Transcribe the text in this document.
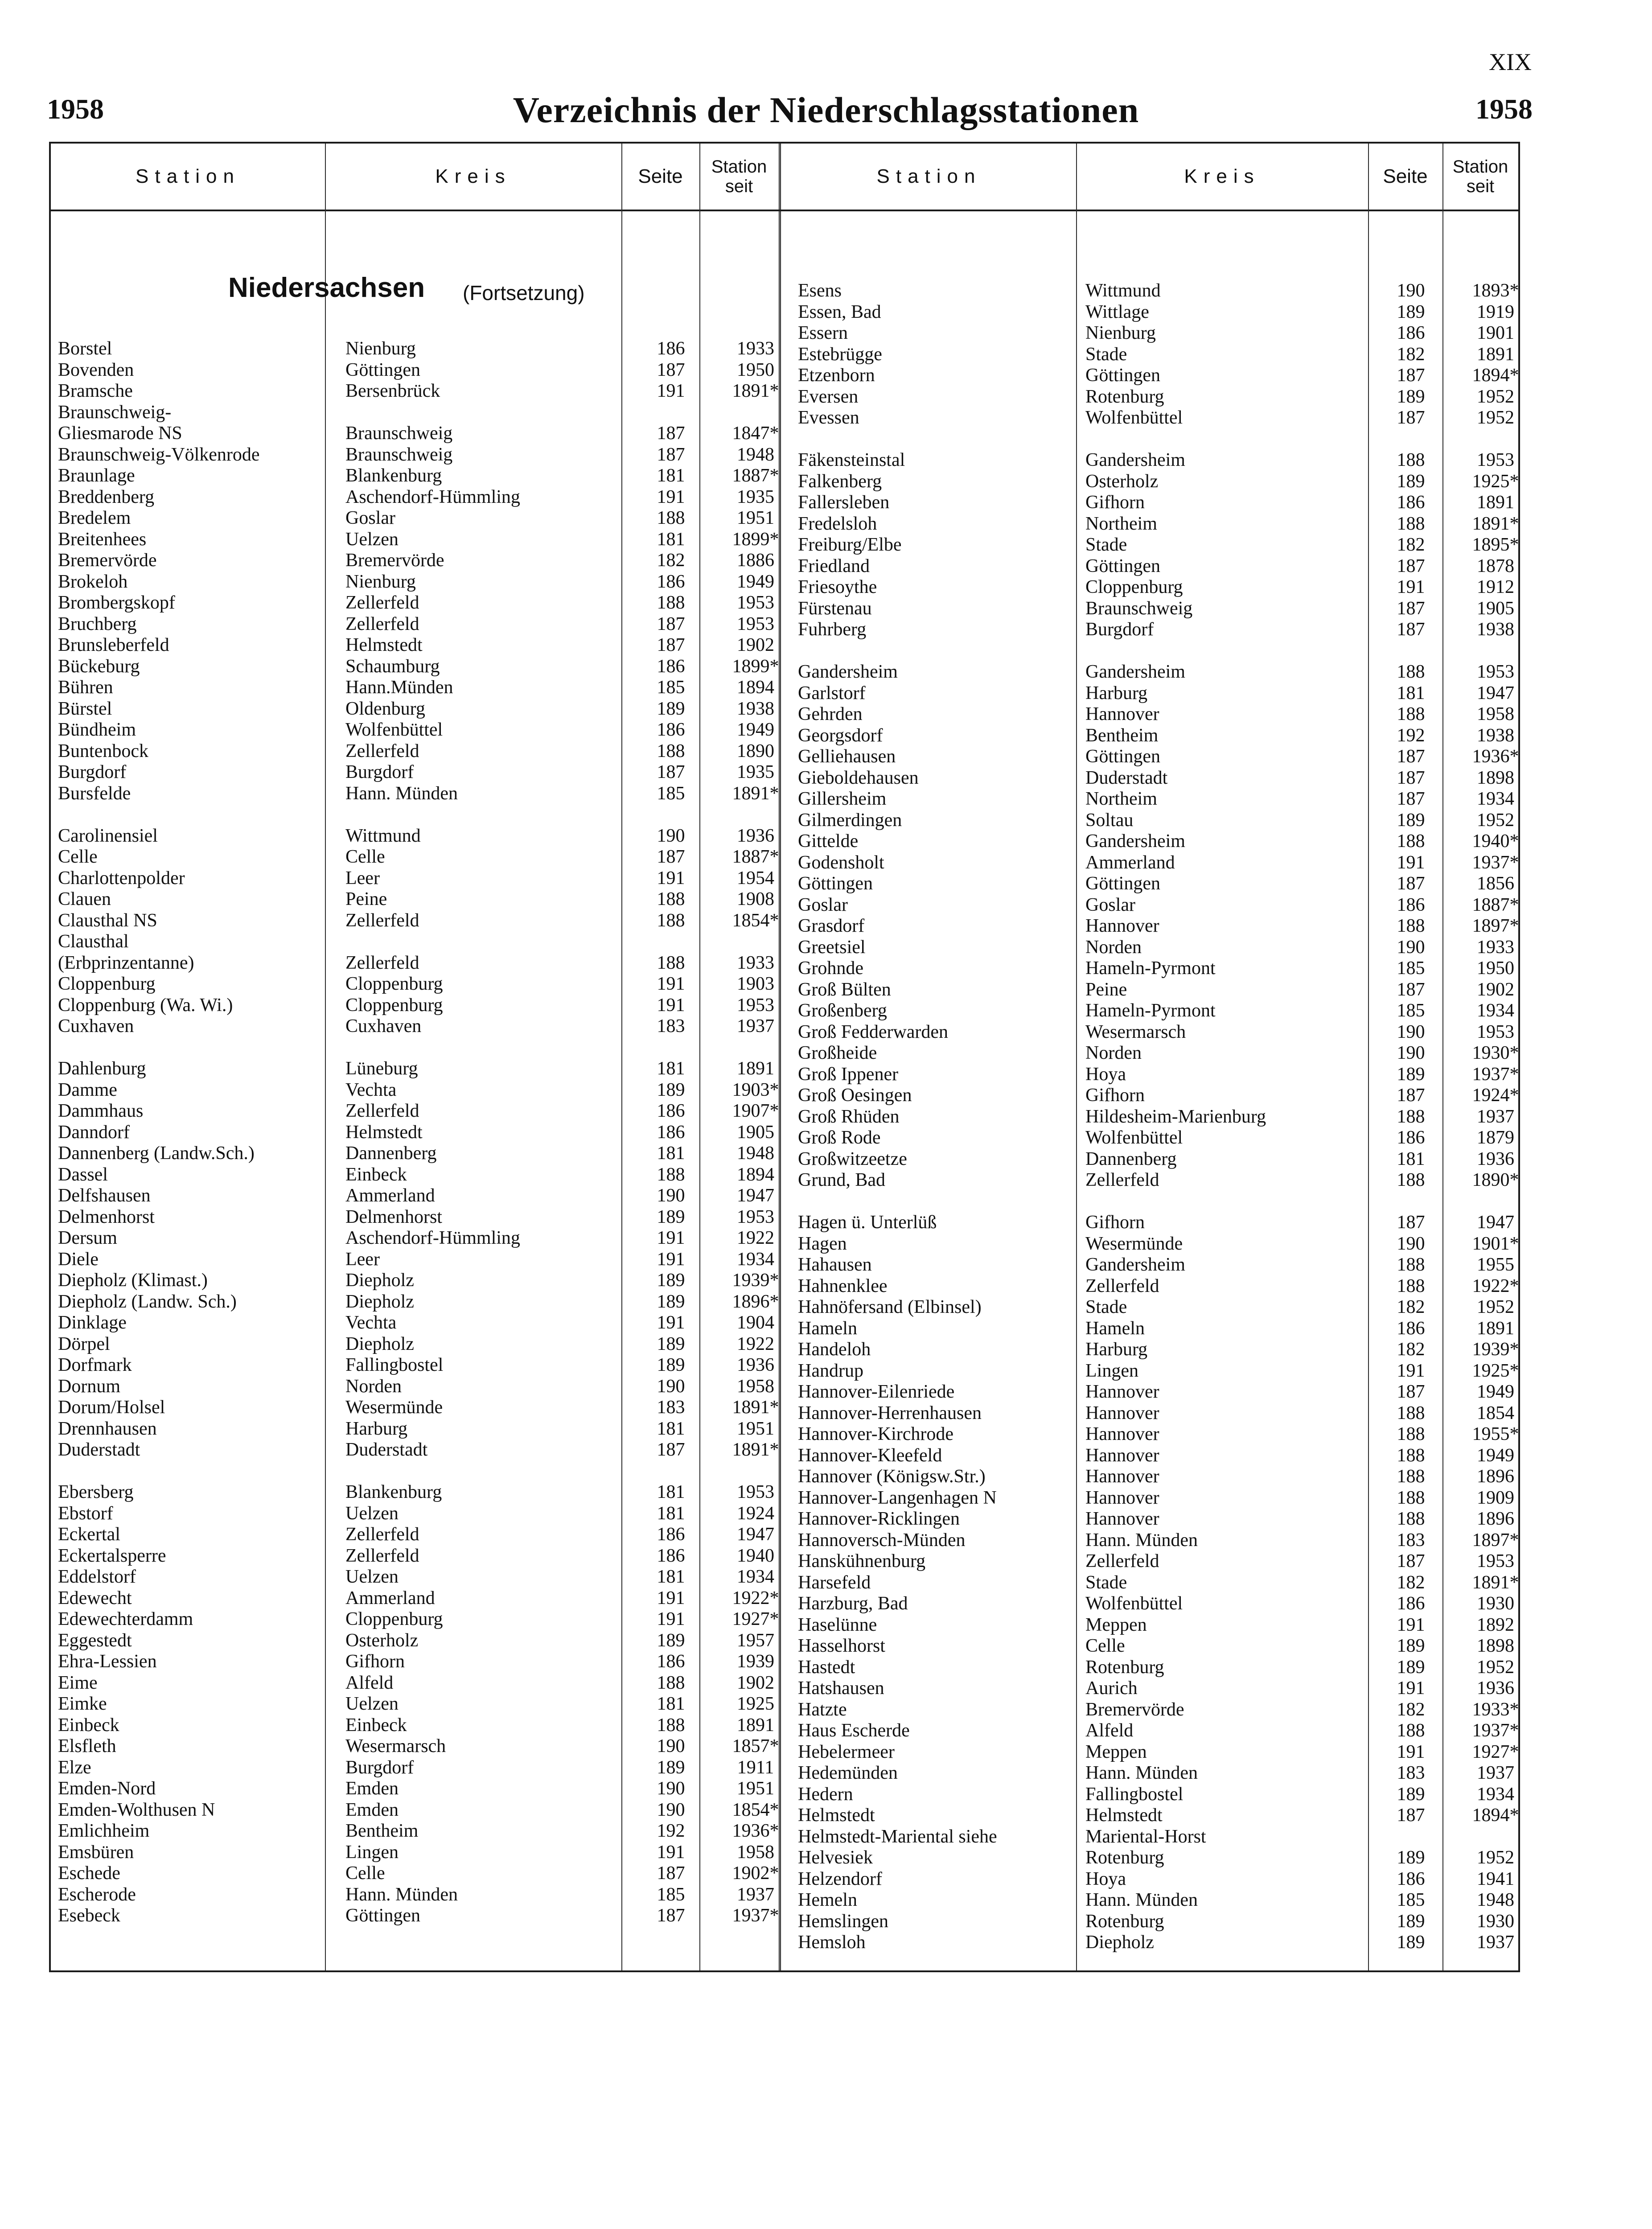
XIX
1958	Verzeichnis der Niederschlagsstationen	1958
Station	Kreis	Seite	Station
seit	Station	Kreis	Seite	Station
seit
Niedersachsen (Fortsetzung)
Borstel	Nienburg	186	1933
Bovenden	Göttingen	187	1950
Bramsche	Bersenbrück	191	1891*
Braunschweig-
Gliesmarode NS	Braunschweig	187	1847*
Braunschweig-Völkenrode	Braunschweig	187	1948
Braunlage	Blankenburg	181	1887*
Breddenberg	Aschendorf-Hümmling	191	1935
Bredelem	Goslar	188	1951
Breitenhees	Uelzen	181	1899*
Bremervörde	Bremervörde	182	1886
Brokeloh	Nienburg	186	1949
Brombergskopf	Zellerfeld	188	1953
Bruchberg	Zellerfeld	187	1953
Brunsleberfeld	Helmstedt	187	1902
Bückeburg	Schaumburg	186	1899*
Bühren	Hann.Münden	185	1894
Bürstel	Oldenburg	189	1938
Bündheim	Wolfenbüttel	186	1949
Buntenbock	Zellerfeld	188	1890
Burgdorf	Burgdorf	187	1935
Bursfelde	Hann. Münden	185	1891*
Carolinensiel	Wittmund	190	1936
Celle	Celle	187	1887*
Charlottenpolder	Leer	191	1954
Clauen	Peine	188	1908
Clausthal NS	Zellerfeld	188	1854*
Clausthal
(Erbprinzentanne)	Zellerfeld	188	1933
Cloppenburg	Cloppenburg	191	1903
Cloppenburg (Wa. Wi.)	Cloppenburg	191	1953
Cuxhaven	Cuxhaven	183	1937
Dahlenburg	Lüneburg	181	1891
Damme	Vechta	189	1903*
Dammhaus	Zellerfeld	186	1907*
Danndorf	Helmstedt	186	1905
Dannenberg (Landw.Sch.)	Dannenberg	181	1948
Dassel	Einbeck	188	1894
Delfshausen	Ammerland	190	1947
Delmenhorst	Delmenhorst	189	1953
Dersum	Aschendorf-Hümmling	191	1922
Diele	Leer	191	1934
Diepholz (Klimast.)	Diepholz	189	1939*
Diepholz (Landw. Sch.)	Diepholz	189	1896*
Dinklage	Vechta	191	1904
Dörpel	Diepholz	189	1922
Dorfmark	Fallingbostel	189	1936
Dornum	Norden	190	1958
Dorum/Holsel	Wesermünde	183	1891*
Drennhausen	Harburg	181	1951
Duderstadt	Duderstadt	187	1891*
Ebersberg	Blankenburg	181	1953
Ebstorf	Uelzen	181	1924
Eckertal	Zellerfeld	186	1947
Eckertalsperre	Zellerfeld	186	1940
Eddelstorf	Uelzen	181	1934
Edewecht	Ammerland	191	1922*
Edewechterdamm	Cloppenburg	191	1927*
Eggestedt	Osterholz	189	1957
Ehra-Lessien	Gifhorn	186	1939
Eime	Alfeld	188	1902
Eimke	Uelzen	181	1925
Einbeck	Einbeck	188	1891
Elsfleth	Wesermarsch	190	1857*
Elze	Burgdorf	189	1911
Emden-Nord	Emden	190	1951
Emden-Wolthusen N	Emden	190	1854*
Emlichheim	Bentheim	192	1936*
Emsbüren	Lingen	191	1958
Eschede	Celle	187	1902*
Escherode	Hann. Münden	185	1937
Esebeck	Göttingen	187	1937*
Esens	Wittmund	190	1893*
Essen, Bad	Wittlage	189	1919
Essern	Nienburg	186	1901
Estebrügge	Stade	182	1891
Etzenborn	Göttingen	187	1894*
Eversen	Rotenburg	189	1952
Evessen	Wolfenbüttel	187	1952
Fäkensteinstal	Gandersheim	188	1953
Falkenberg	Osterholz	189	1925*
Fallersleben	Gifhorn	186	1891
Fredelsloh	Northeim	188	1891*
Freiburg/Elbe	Stade	182	1895*
Friedland	Göttingen	187	1878
Friesoythe	Cloppenburg	191	1912
Fürstenau	Braunschweig	187	1905
Fuhrberg	Burgdorf	187	1938
Gandersheim	Gandersheim	188	1953
Garlstorf	Harburg	181	1947
Gehrden	Hannover	188	1958
Georgsdorf	Bentheim	192	1938
Gelliehausen	Göttingen	187	1936*
Gieboldehausen	Duderstadt	187	1898
Gillersheim	Northeim	187	1934
Gilmerdingen	Soltau	189	1952
Gittelde	Gandersheim	188	1940*
Godensholt	Ammerland	191	1937*
Göttingen	Göttingen	187	1856
Goslar	Goslar	186	1887*
Grasdorf	Hannover	188	1897*
Greetsiel	Norden	190	1933
Grohnde	Hameln-Pyrmont	185	1950
Groß Bülten	Peine	187	1902
Großenberg	Hameln-Pyrmont	185	1934
Groß Fedderwarden	Wesermarsch	190	1953
Großheide	Norden	190	1930*
Groß Ippener	Hoya	189	1937*
Groß Oesingen	Gifhorn	187	1924*
Groß Rhüden	Hildesheim-Marienburg	188	1937
Groß Rode	Wolfenbüttel	186	1879
Großwitzeetze	Dannenberg	181	1936
Grund, Bad	Zellerfeld	188	1890*
Hagen ü. Unterlüß	Gifhorn	187	1947
Hagen	Wesermünde	190	1901*
Hahausen	Gandersheim	188	1955
Hahnenklee	Zellerfeld	188	1922*
Hahnöfersand (Elbinsel)	Stade	182	1952
Hameln	Hameln	186	1891
Handeloh	Harburg	182	1939*
Handrup	Lingen	191	1925*
Hannover-Eilenriede	Hannover	187	1949
Hannover-Herrenhausen	Hannover	188	1854
Hannover-Kirchrode	Hannover	188	1955*
Hannover-Kleefeld	Hannover	188	1949
Hannover (Königsw.Str.)	Hannover	188	1896
Hannover-Langenhagen N	Hannover	188	1909
Hannover-Ricklingen	Hannover	188	1896
Hannoversch-Münden	Hann. Münden	183	1897*
Hanskühnenburg	Zellerfeld	187	1953
Harsefeld	Stade	182	1891*
Harzburg, Bad	Wolfenbüttel	186	1930
Haselünne	Meppen	191	1892
Hasselhorst	Celle	189	1898
Hastedt	Rotenburg	189	1952
Hatshausen	Aurich	191	1936
Hatzte	Bremervörde	182	1933*
Haus Escherde	Alfeld	188	1937*
Hebelermeer	Meppen	191	1927*
Hedemünden	Hann. Münden	183	1937
Hedern	Fallingbostel	189	1934
Helmstedt	Helmstedt	187	1894*
Helmstedt-Mariental siehe	Mariental-Horst
Helvesiek	Rotenburg	189	1952
Helzendorf	Hoya	186	1941
Hemeln	Hann. Münden	185	1948
Hemslingen	Rotenburg	189	1930
Hemsloh	Diepholz	189	1937
